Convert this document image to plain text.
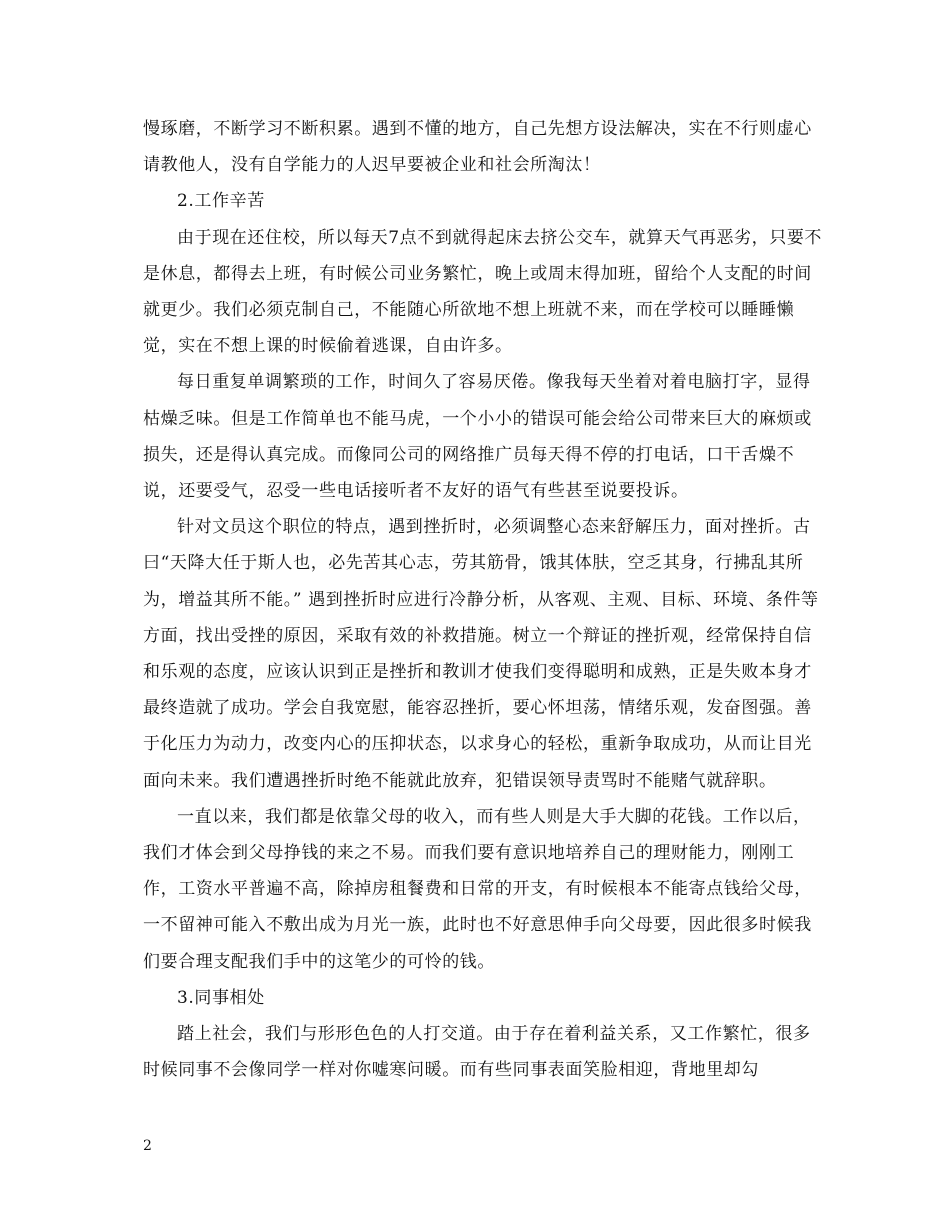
慢琢磨，不断学习不断积累。遇到不懂的地方，自己先想方设法解决，实在不行则虚心请教他人，没有自学能力的人迟早要被企业和社会所淘汰！

2.工作辛苦

由于现在还住校，所以每天7点不到就得起床去挤公交车，就算天气再恶劣，只要不是休息，都得去上班，有时候公司业务繁忙，晚上或周末得加班，留给个人支配的时间就更少。我们必须克制自己，不能随心所欲地不想上班就不来，而在学校可以睡睡懒觉，实在不想上课的时候偷着逃课，自由许多。

每日重复单调繁琐的工作，时间久了容易厌倦。像我每天坐着对着电脑打字，显得枯燥乏味。但是工作简单也不能马虎，一个小小的错误可能会给公司带来巨大的麻烦或损失，还是得认真完成。而像同公司的网络推广员每天得不停的打电话，口干舌燥不说，还要受气，忍受一些电话接听者不友好的语气有些甚至说要投诉。

针对文员这个职位的特点，遇到挫折时，必须调整心态来舒解压力，面对挫折。古曰“天降大任于斯人也，必先苦其心志，劳其筋骨，饿其体肤，空乏其身，行拂乱其所为，增益其所不能。” 遇到挫折时应进行冷静分析，从客观、主观、目标、环境、条件等方面，找出受挫的原因，采取有效的补救措施。树立一个辩证的挫折观，经常保持自信和乐观的态度，应该认识到正是挫折和教训才使我们变得聪明和成熟，正是失败本身才最终造就了成功。学会自我宽慰，能容忍挫折，要心怀坦荡，情绪乐观，发奋图强。善于化压力为动力，改变内心的压抑状态，以求身心的轻松，重新争取成功，从而让目光面向未来。我们遭遇挫折时绝不能就此放弃，犯错误领导责骂时不能赌气就辞职。

一直以来，我们都是依靠父母的收入，而有些人则是大手大脚的花钱。工作以后，我们才体会到父母挣钱的来之不易。而我们要有意识地培养自己的理财能力，刚刚工作，工资水平普遍不高，除掉房租餐费和日常的开支，有时候根本不能寄点钱给父母，一不留神可能入不敷出成为月光一族，此时也不好意思伸手向父母要，因此很多时候我们要合理支配我们手中的这笔少的可怜的钱。

3.同事相处

踏上社会，我们与形形色色的人打交道。由于存在着利益关系，又工作繁忙，很多时候同事不会像同学一样对你嘘寒问暖。而有些同事表面笑脸相迎，背地里却勾

2
